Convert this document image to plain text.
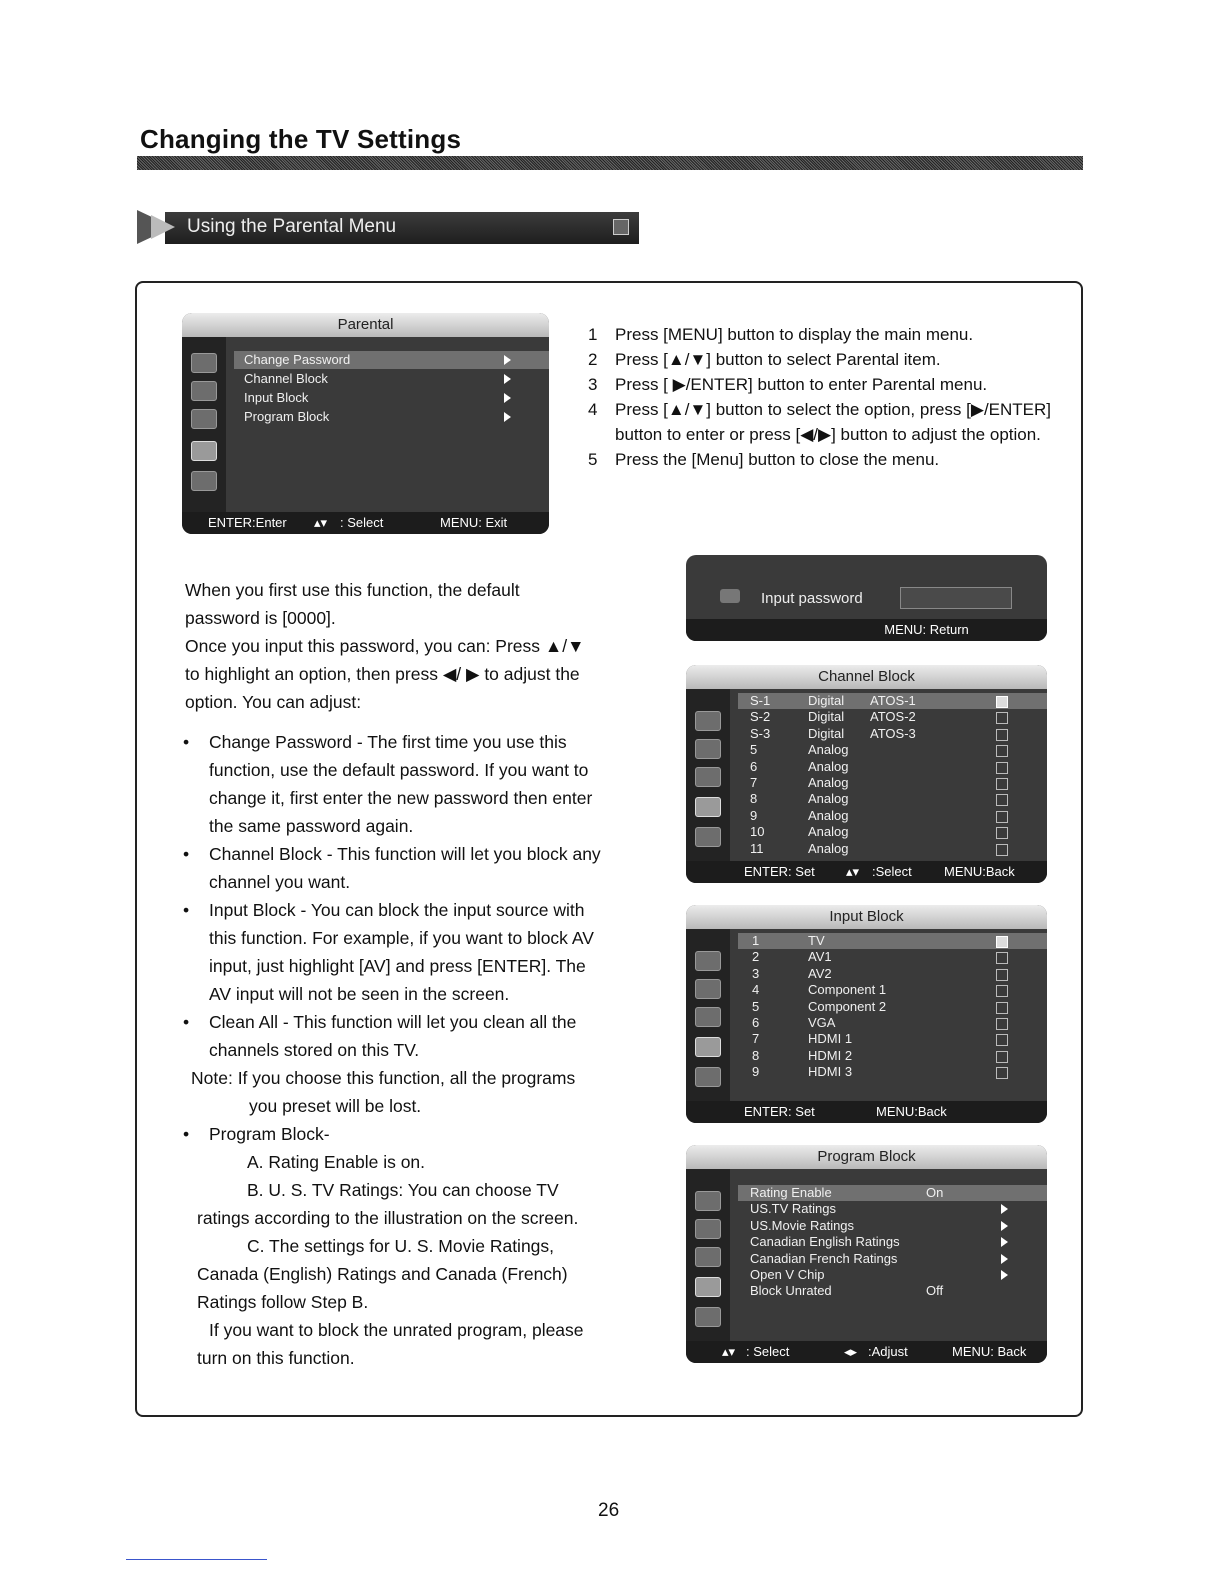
Changing the TV Settings
Using the Parental Menu
Parental
Change Password
Channel Block
Input Block
Program Block
ENTER:Enter ▴▾ : Select	MENU: Exit
1 Press [MENU] button to display the main menu.
2 Press [▲/▼] button to select Parental item.
3 Press [ ▶/ENTER] button to enter Parental menu.
4 Press [▲/▼] button to select the option, press [▶/ENTER] button to enter or press [◀/▶] button to adjust the option.
5 Press the [Menu] button to close the menu.
Input password
MENU: Return
Channel Block
ENTER: Set ▴▾ :Select MENU:Back
S-1	Digital ATOS-1
S-2	Digital ATOS-2
S-3	Digital ATOS-3
5	Analog
6	Analog
7	Analog
8	Analog
9	Analog
10	Analog
11	Analog
Input Block
ENTER: Set	MENU:Back
1	TV
2	AV1
3	AV2
4	Component 1
5	Component 2
6	VGA
7	HDMI 1
8	HDMI 2
9	HDMI 3
Program Block
▴▾ : Select	◂▸ :Adjust	MENU: Back
Rating Enable	On
US.TV Ratings
US.Movie Ratings
Canadian English Ratings
Canadian French Ratings
Open V Chip
Block Unrated	Off

When you first use this function, the default

password is [0000].

Once you input this password, you can: Press ▲/▼

to highlight an option, then press ◀/ ▶ to adjust the

option. You can adjust:

•	Change Password - The first time you use this

function, use the default password. If you want to

change it, first enter the new password then enter

the same password again.

•	Channel Block - This function will let you block any

channel you want.

•	Input Block - You can block the input source with

this function. For example, if you want to block AV

input, just highlight [AV] and press [ENTER]. The

AV input will not be seen in the screen.

•	Clean All - This function will let you clean all the

channels stored on this TV.

Note: If you choose this function, all the programs

you preset will be lost.

•	Program Block-

A. Rating Enable is on.

B. U. S. TV Ratings: You can choose TV

ratings according to the illustration on the screen.

C. The settings for U. S. Movie Ratings,

Canada (English) Ratings and Canada (French)

Ratings follow Step B.

If you want to block the unrated program, please

turn on this function.

26
